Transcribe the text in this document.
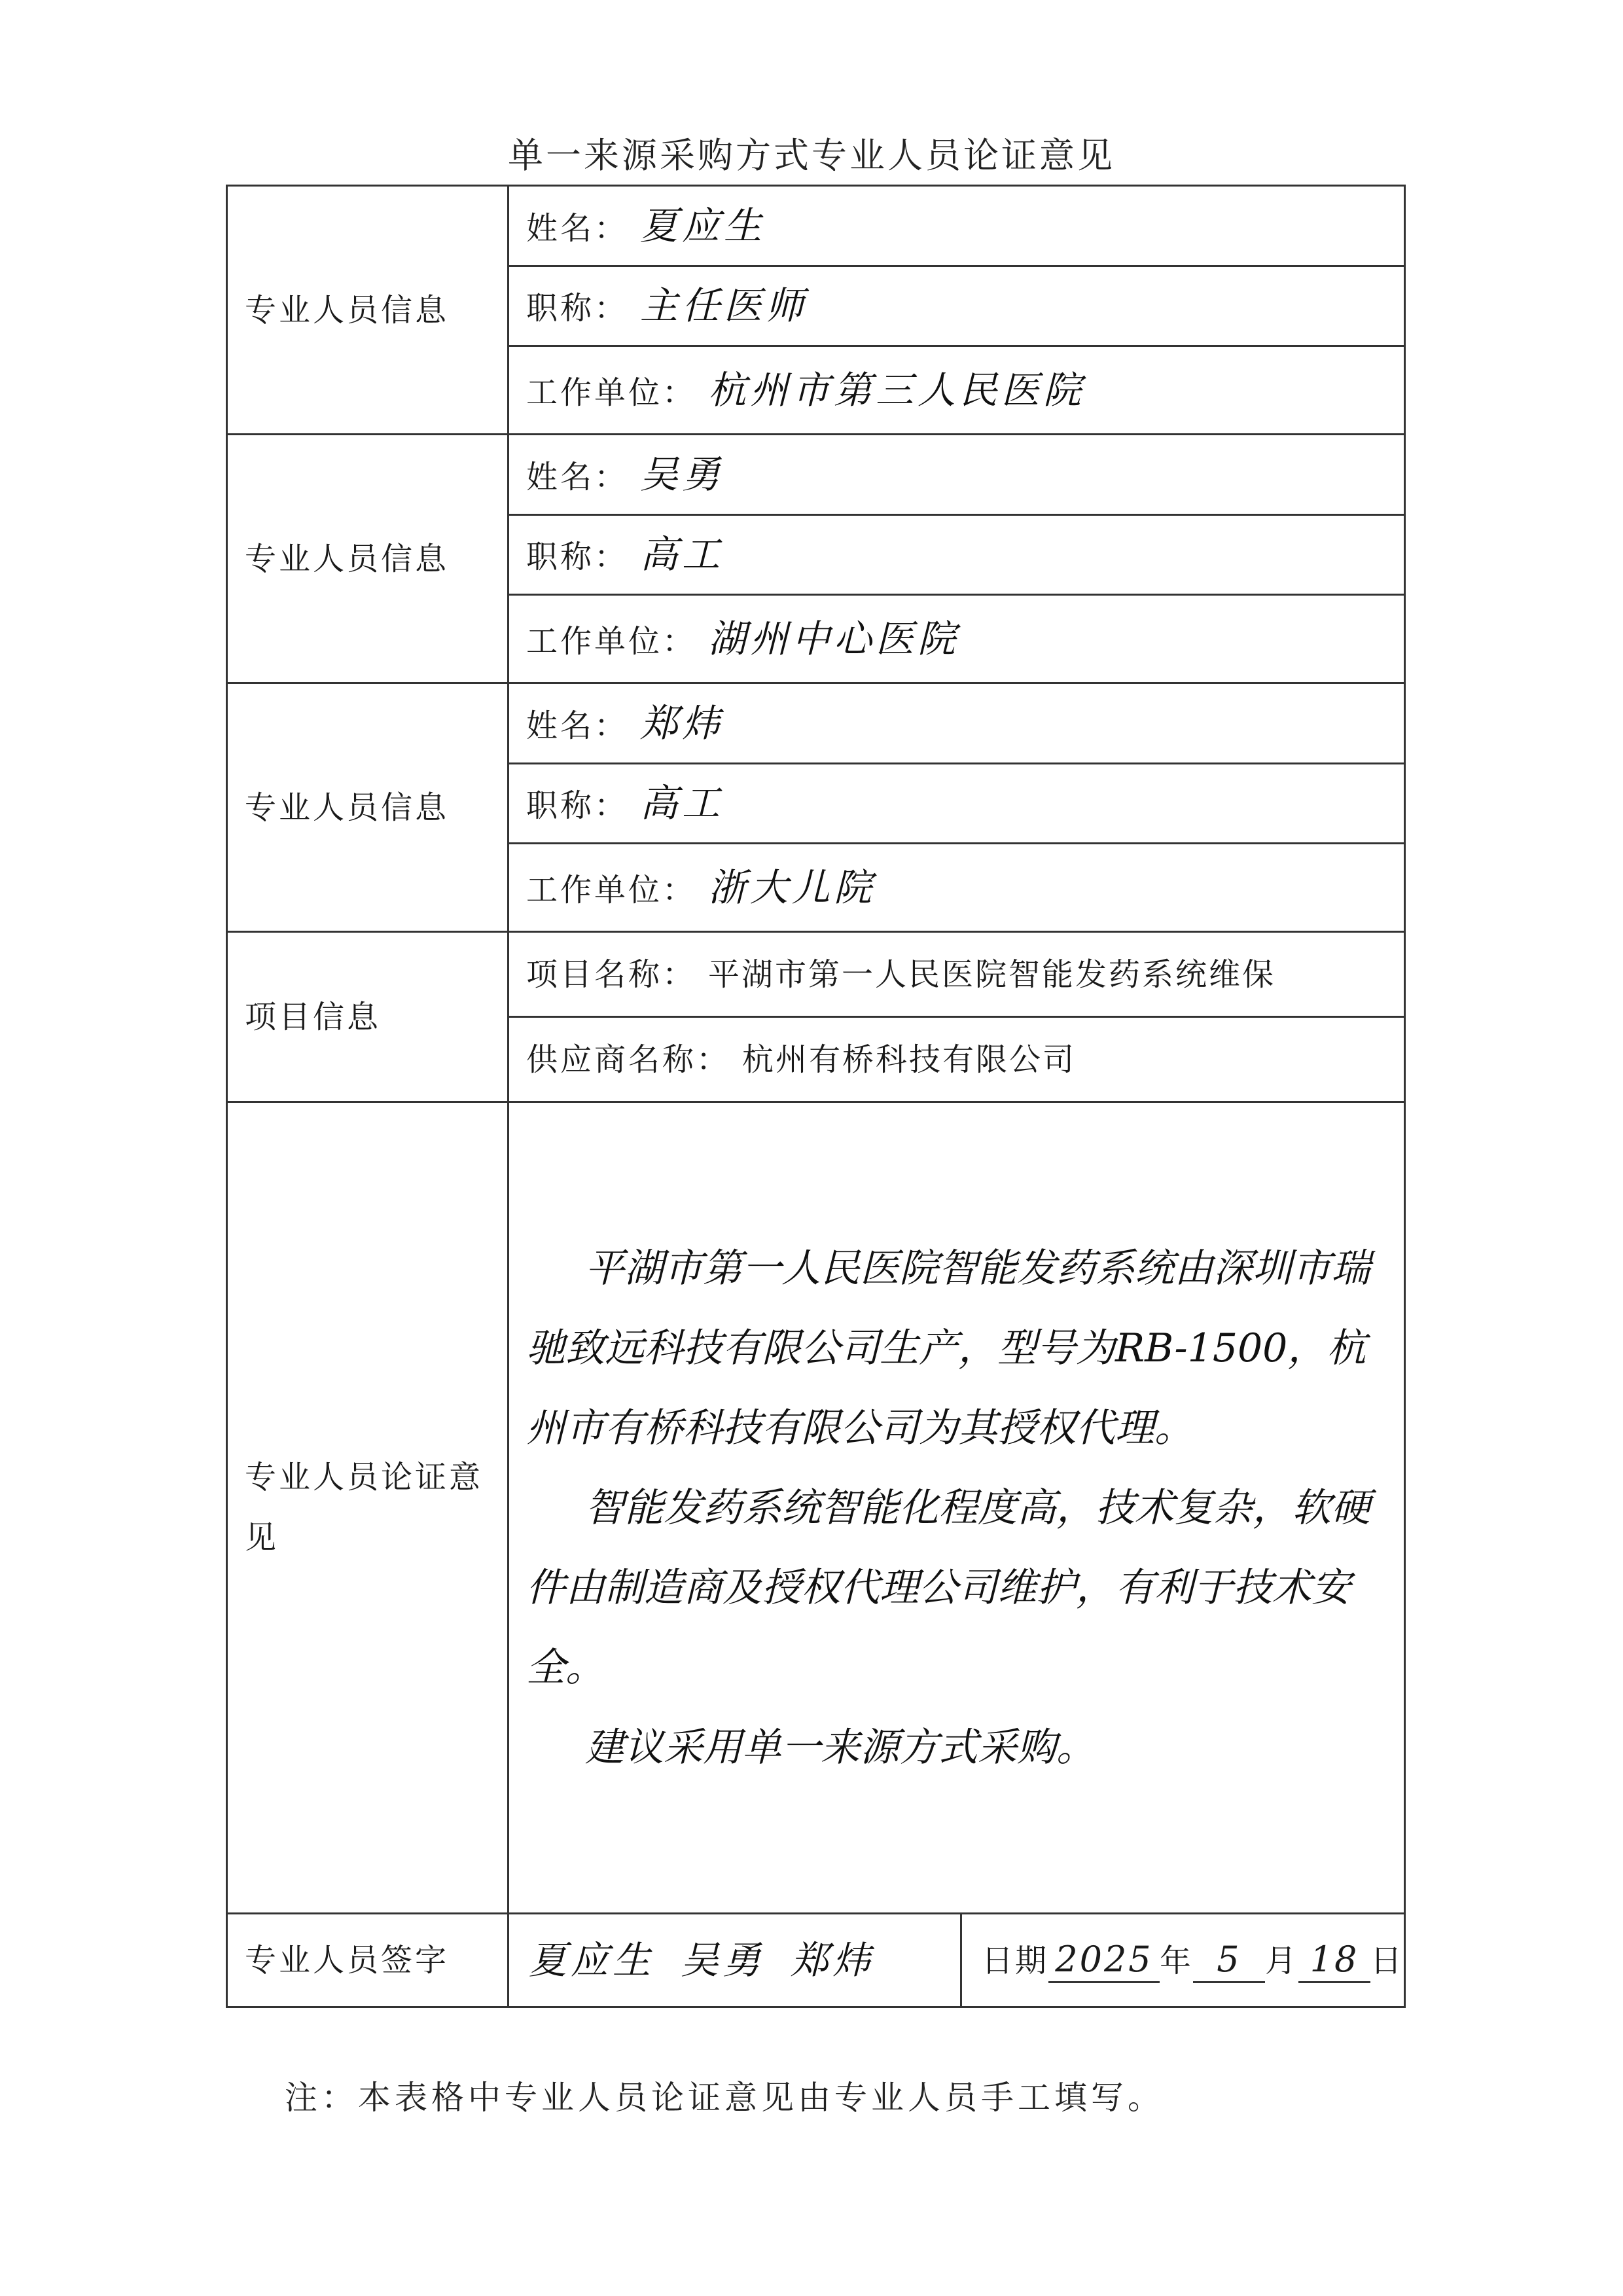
单一来源采购方式专业人员论证意见
专业人员信息	姓名： 夏应生
	职称： 主任医师
	工作单位： 杭州市第三人民医院
专业人员信息	姓名： 吴勇
	职称： 高工
	工作单位： 湖州中心医院
专业人员信息	姓名： 郑炜
	职称： 高工
	工作单位： 浙大儿院
项目信息	项目名称： 平湖市第一人民医院智能发药系统维保
	供应商名称： 杭州有桥科技有限公司
专业人员论证意见	平湖市第一人民医院智能发药系统由深圳市瑞驰致远科技有限公司生产，型号为RB-1500，杭州市有桥科技有限公司为其授权代理。

智能发药系统智能化程度高，技术复杂，软硬件由制造商及授权代理公司维护，有利于技术安全。

建议采用单一来源方式采购。

专业人员签字	夏应生 吴勇 郑炜 日期 2025 年 5 月 18 日
注：本表格中专业人员论证意见由专业人员手工填写。
